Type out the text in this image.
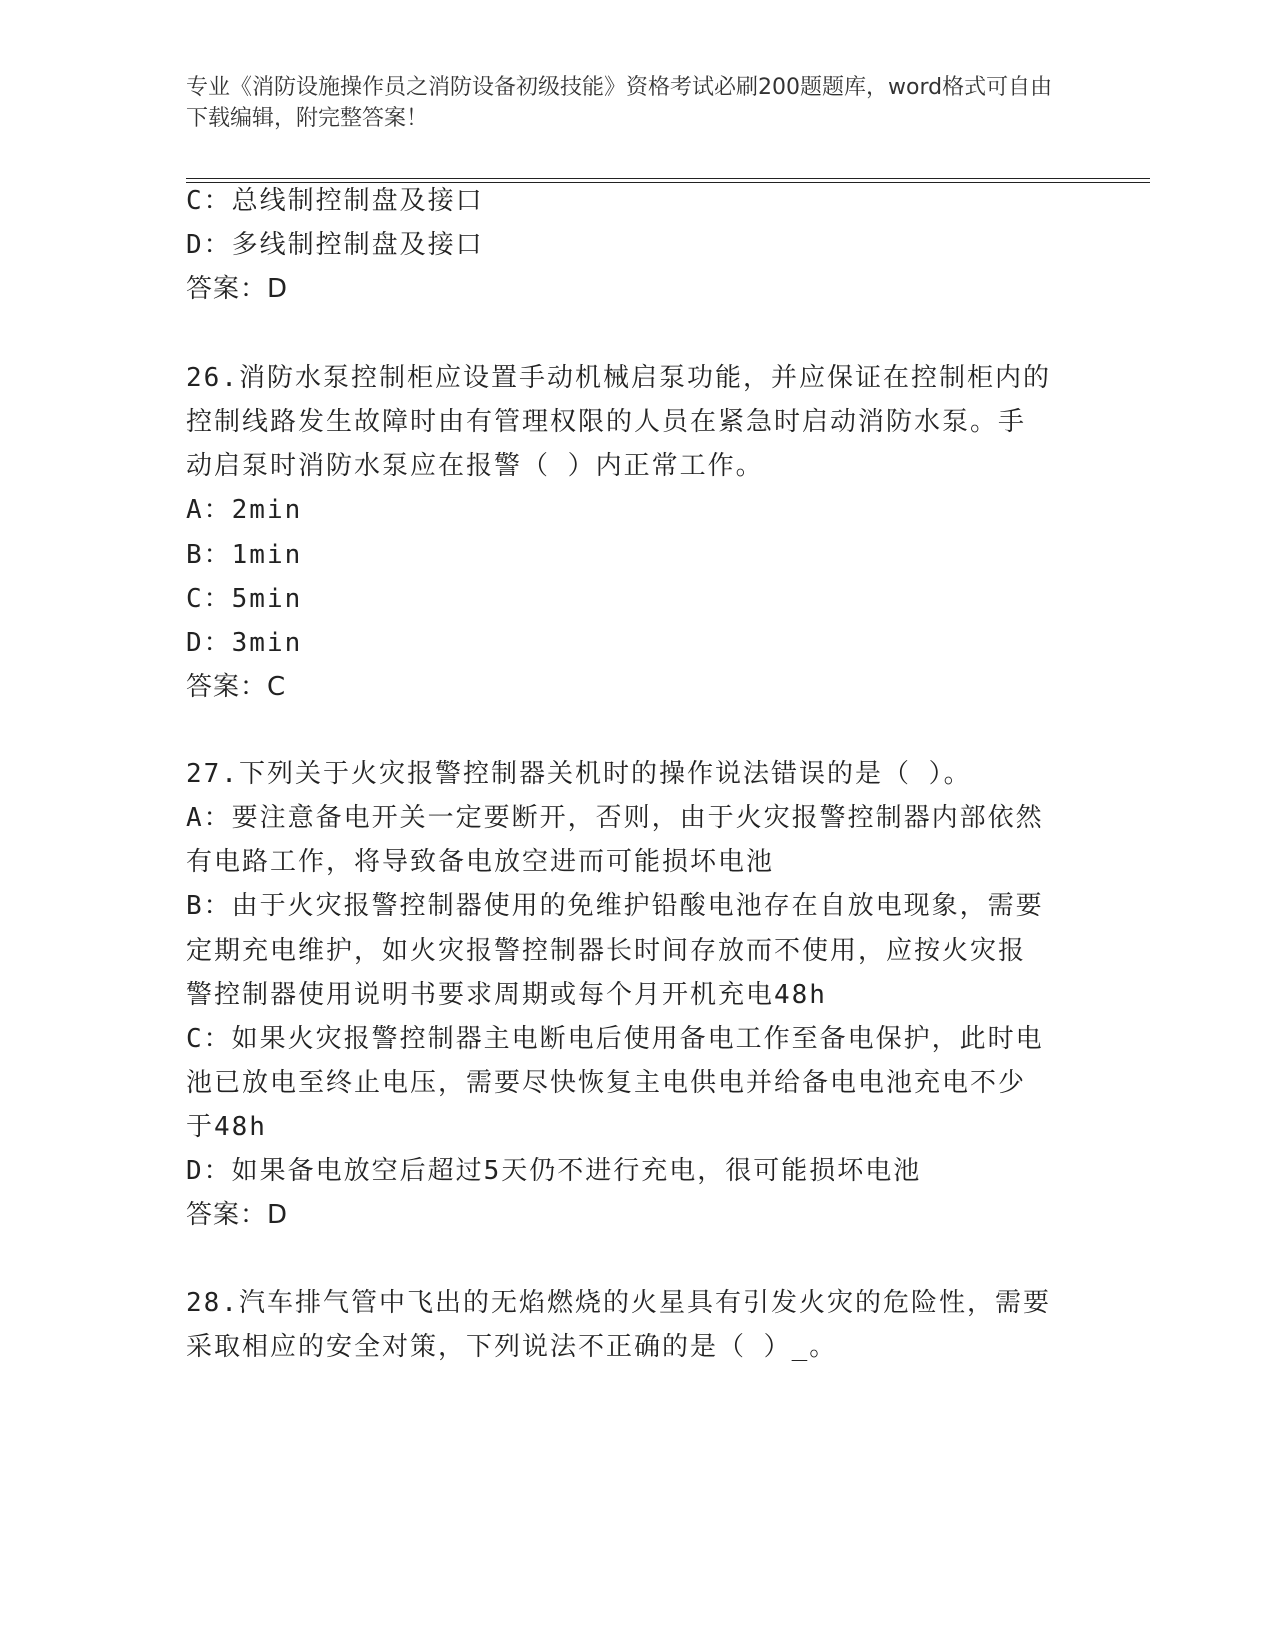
专业《消防设施操作员之消防设备初级技能》资格考试必刷200题题库，word格式可自由下载编辑，附完整答案！
C：总线制控制盘及接口
D：多线制控制盘及接口
答案：D
26.消防水泵控制柜应设置手动机械启泵功能，并应保证在控制柜内的
控制线路发生故障时由有管理权限的人员在紧急时启动消防水泵。手
动启泵时消防水泵应在报警（ ）内正常工作。
A：2min
B：1min
C：5min
D：3min
答案：C
27.下列关于火灾报警控制器关机时的操作说法错误的是（ ）。
A：要注意备电开关一定要断开，否则，由于火灾报警控制器内部依然
有电路工作，将导致备电放空进而可能损坏电池
B：由于火灾报警控制器使用的免维护铅酸电池存在自放电现象，需要
定期充电维护，如火灾报警控制器长时间存放而不使用，应按火灾报
警控制器使用说明书要求周期或每个月开机充电48h
C：如果火灾报警控制器主电断电后使用备电工作至备电保护，此时电
池已放电至终止电压，需要尽快恢复主电供电并给备电电池充电不少
于48h
D：如果备电放空后超过5天仍不进行充电，很可能损坏电池
答案：D
28.汽车排气管中飞出的无焰燃烧的火星具有引发火灾的危险性，需要
采取相应的安全对策，下列说法不正确的是（ ）_。
